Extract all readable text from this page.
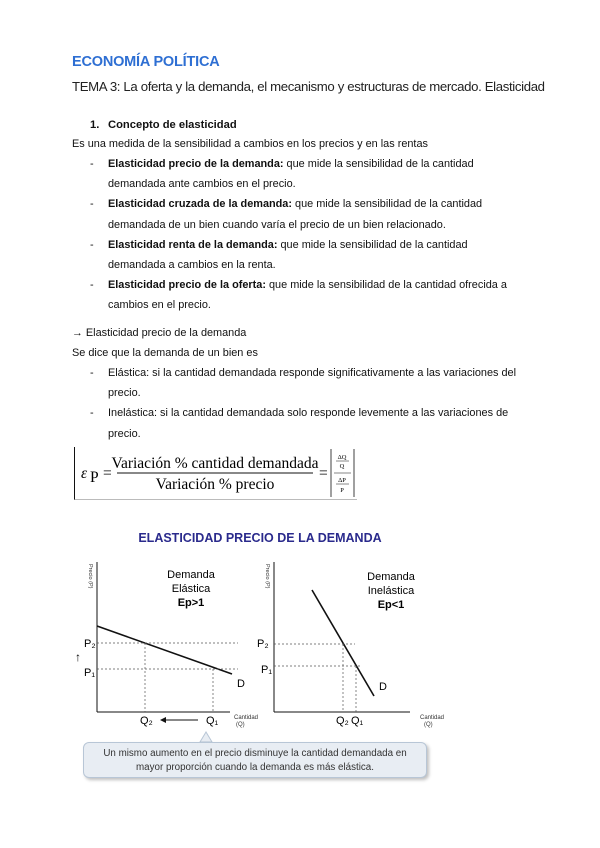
ECONOMÍA POLÍTICA
TEMA 3: La oferta y la demanda, el mecanismo y estructuras de mercado. Elasticidad
1. Concepto de elasticidad
Es una medida de la sensibilidad a cambios en los precios y en las rentas
- Elasticidad precio de la demanda: que mide la sensibilidad de la cantidad
demandada ante cambios en el precio.
- Elasticidad cruzada de la demanda: que mide la sensibilidad de la cantidad
demandada de un bien cuando varía el precio de un bien relacionado.
- Elasticidad renta de la demanda: que mide la sensibilidad de la cantidad
demandada a cambios en la renta.
- Elasticidad precio de la oferta: que mide la sensibilidad de la cantidad ofrecida a
cambios en el precio.
→ Elasticidad precio de la demanda
Se dice que la demanda de un bien es
- Elástica: si la cantidad demandada responde significativamente a las variaciones del
precio.
- Inelástica: si la cantidad demandada solo responde levemente a las variaciones de
precio.
ε P =
Variación % cantidad demandada
Variación % precio
=
ΔQ
Q
ΔP
P
ELASTICIDAD PRECIO DE LA DEMANDA
Precio (P)
Cantidad
(Q)
Demanda
Elástica
Ep>1
P₂
↑
P₁
Q₂	Q₁
D
Precio (P)
Cantidad
(Q)
Demanda
Inelástica
Ep<1
P₂
P₁
Q₂ Q₁
D
Un mismo aumento en el precio disminuye la cantidad demandada en
mayor proporción cuando la demanda es más elástica.
